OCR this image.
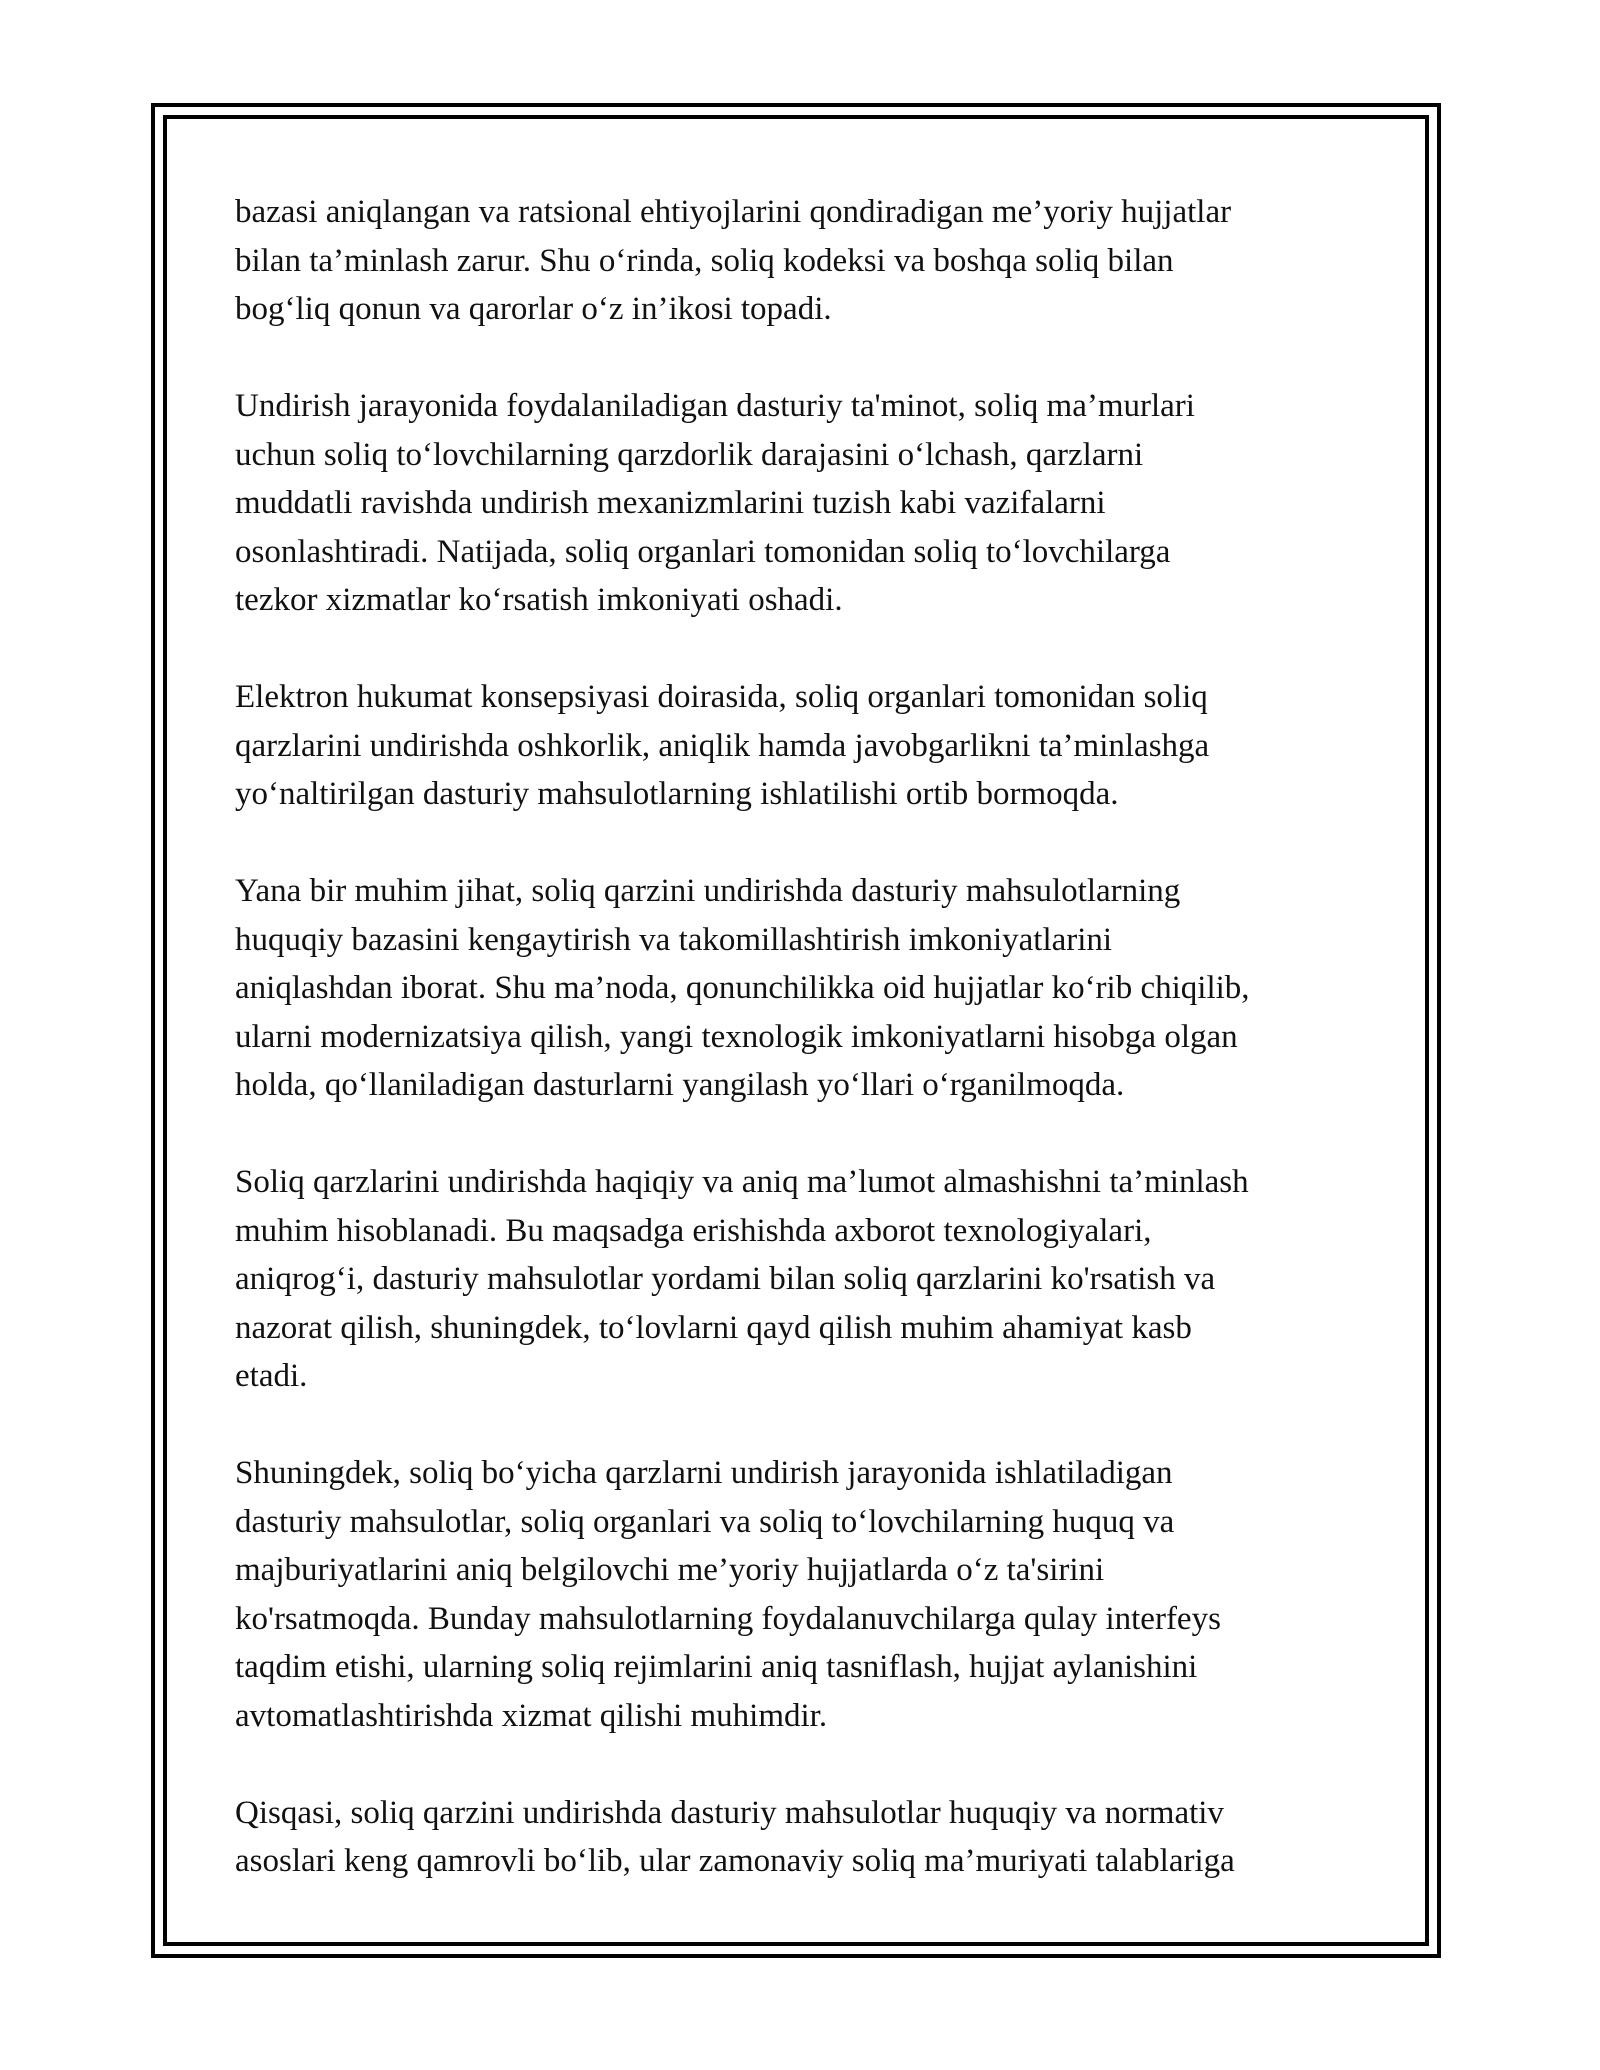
bazasi aniqlangan va ratsional ehtiyojlarini qondiradigan me’yoriy hujjatlar
bilan ta’minlash zarur. Shu o‘rinda, soliq kodeksi va boshqa soliq bilan
bog‘liq qonun va qarorlar o‘z in’ikosi topadi.

Undirish jarayonida foydalaniladigan dasturiy ta'minot, soliq ma’murlari
uchun soliq to‘lovchilarning qarzdorlik darajasini o‘lchash, qarzlarni
muddatli ravishda undirish mexanizmlarini tuzish kabi vazifalarni
osonlashtiradi. Natijada, soliq organlari tomonidan soliq to‘lovchilarga
tezkor xizmatlar ko‘rsatish imkoniyati oshadi.

Elektron hukumat konsepsiyasi doirasida, soliq organlari tomonidan soliq
qarzlarini undirishda oshkorlik, aniqlik hamda javobgarlikni ta’minlashga
yo‘naltirilgan dasturiy mahsulotlarning ishlatilishi ortib bormoqda.

Yana bir muhim jihat, soliq qarzini undirishda dasturiy mahsulotlarning
huquqiy bazasini kengaytirish va takomillashtirish imkoniyatlarini
aniqlashdan iborat. Shu ma’noda, qonunchilikka oid hujjatlar ko‘rib chiqilib,
ularni modernizatsiya qilish, yangi texnologik imkoniyatlarni hisobga olgan
holda, qo‘llaniladigan dasturlarni yangilash yo‘llari o‘rganilmoqda.

Soliq qarzlarini undirishda haqiqiy va aniq ma’lumot almashishni ta’minlash
muhim hisoblanadi. Bu maqsadga erishishda axborot texnologiyalari,
aniqrog‘i, dasturiy mahsulotlar yordami bilan soliq qarzlarini ko'rsatish va
nazorat qilish, shuningdek, to‘lovlarni qayd qilish muhim ahamiyat kasb
etadi.

Shuningdek, soliq bo‘yicha qarzlarni undirish jarayonida ishlatiladigan
dasturiy mahsulotlar, soliq organlari va soliq to‘lovchilarning huquq va
majburiyatlarini aniq belgilovchi me’yoriy hujjatlarda o‘z ta'sirini
ko'rsatmoqda. Bunday mahsulotlarning foydalanuvchilarga qulay interfeys
taqdim etishi, ularning soliq rejimlarini aniq tasniflash, hujjat aylanishini
avtomatlashtirishda xizmat qilishi muhimdir.

Qisqasi, soliq qarzini undirishda dasturiy mahsulotlar huquqiy va normativ
asoslari keng qamrovli bo‘lib, ular zamonaviy soliq ma’muriyati talablariga
